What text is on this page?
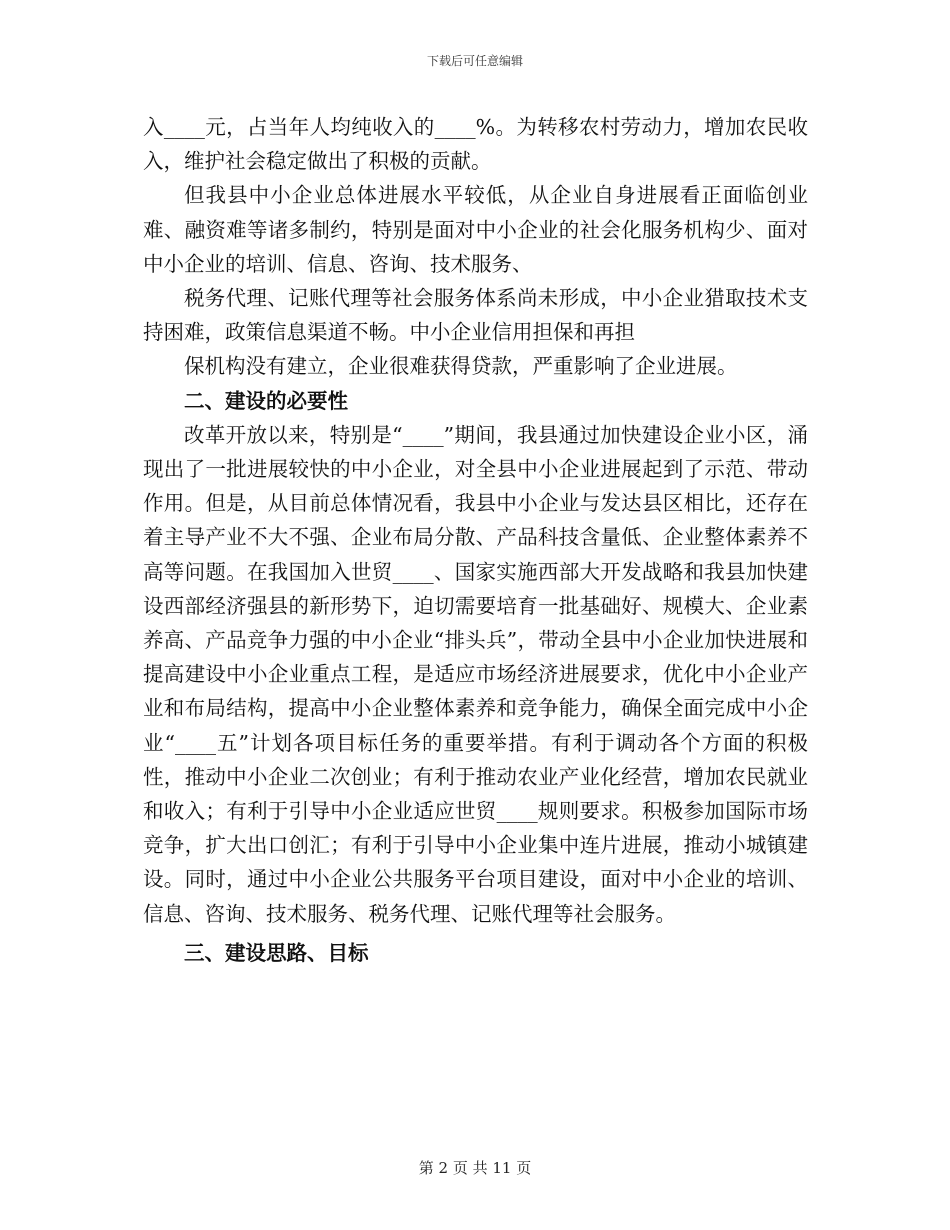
下载后可任意编辑

入____元，占当年人均纯收入的____%。为转移农村劳动力，增加农民收入，维护社会稳定做出了积极的贡献。

但我县中小企业总体进展水平较低，从企业自身进展看正面临创业难、融资难等诸多制约，特别是面对中小企业的社会化服务机构少、面对中小企业的培训、信息、咨询、技术服务、

税务代理、记账代理等社会服务体系尚未形成，中小企业猎取技术支持困难，政策信息渠道不畅。中小企业信用担保和再担

保机构没有建立，企业很难获得贷款，严重影响了企业进展。

二、建设的必要性

改革开放以来，特别是“____”期间，我县通过加快建设企业小区，涌现出了一批进展较快的中小企业，对全县中小企业进展起到了示范、带动作用。但是，从目前总体情况看，我县中小企业与发达县区相比，还存在着主导产业不大不强、企业布局分散、产品科技含量低、企业整体素养不高等问题。在我国加入世贸____、国家实施西部大开发战略和我县加快建设西部经济强县的新形势下，迫切需要培育一批基础好、规模大、企业素养高、产品竞争力强的中小企业“排头兵”，带动全县中小企业加快进展和提高建设中小企业重点工程，是适应市场经济进展要求，优化中小企业产业和布局结构，提高中小企业整体素养和竞争能力，确保全面完成中小企业“____五”计划各项目标任务的重要举措。有利于调动各个方面的积极性，推动中小企业二次创业；有利于推动农业产业化经营，增加农民就业和收入；有利于引导中小企业适应世贸____规则要求。积极参加国际市场竞争，扩大出口创汇；有利于引导中小企业集中连片进展，推动小城镇建设。同时，通过中小企业公共服务平台项目建设，面对中小企业的培训、信息、咨询、技术服务、税务代理、记账代理等社会服务。

三、建设思路、目标

第 2 页 共 11 页
